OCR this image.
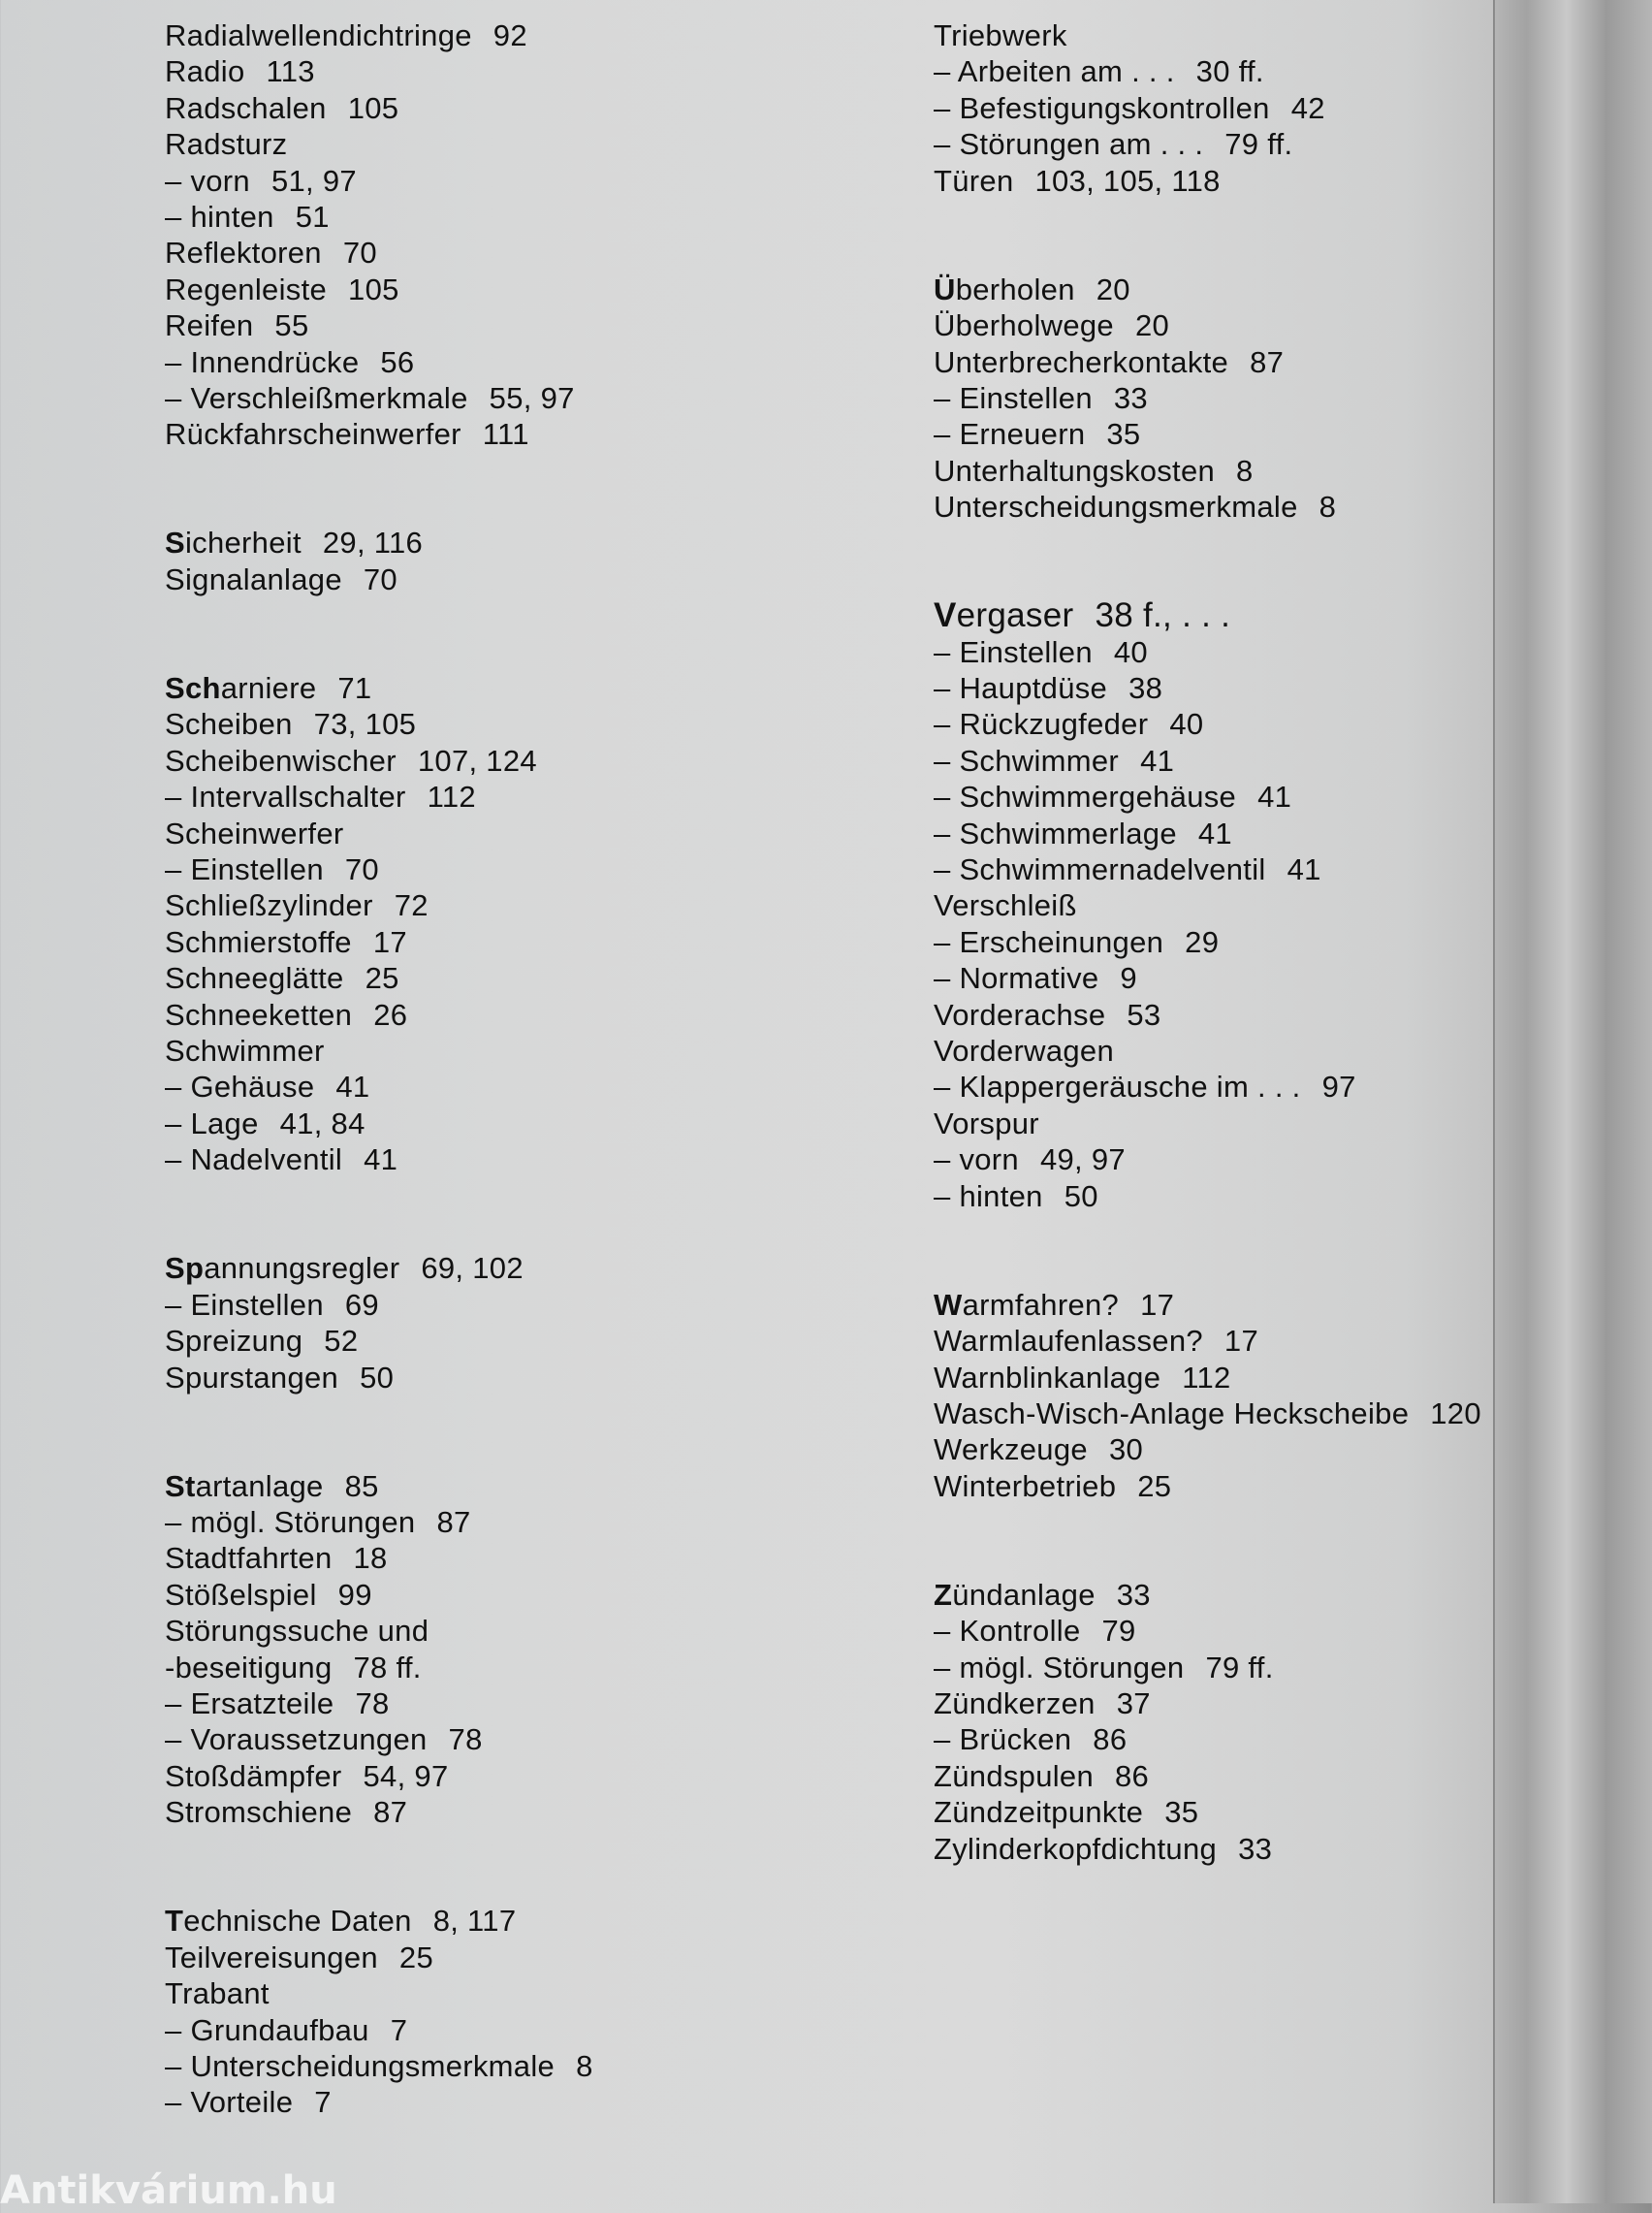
Radialwellendichtringe 92
Radio 113
Radschalen 105
Radsturz
– vorn 51, 97
– hinten 51
Reflektoren 70
Regenleiste 105
Reifen 55
– Innendrücke 56
– Verschleißmerkmale 55, 97
Rückfahrscheinwerfer 111
Sicherheit 29, 116
Signalanlage 70
Scharniere 71
Scheiben 73, 105
Scheibenwischer 107, 124
– Intervallschalter 112
Scheinwerfer
– Einstellen 70
Schließzylinder 72
Schmierstoffe 17
Schneeglätte 25
Schneeketten 26
Schwimmer
– Gehäuse 41
– Lage 41, 84
– Nadelventil 41
Spannungsregler 69, 102
– Einstellen 69
Spreizung 52
Spurstangen 50
Startanlage 85
– mögl. Störungen 87
Stadtfahrten 18
Stößelspiel 99
Störungssuche und
-beseitigung 78 ff.
– Ersatzteile 78
– Voraussetzungen 78
Stoßdämpfer 54, 97
Stromschiene 87
Technische Daten 8, 117
Teilvereisungen 25
Trabant
– Grundaufbau 7
– Unterscheidungsmerkmale 8
– Vorteile 7
Triebwerk
– Arbeiten am . . . 30 ff.
– Befestigungskontrollen 42
– Störungen am . . . 79 ff.
Türen 103, 105, 118
Überholen 20
Überholwege 20
Unterbrecherkontakte 87
– Einstellen 33
– Erneuern 35
Unterhaltungskosten 8
Unterscheidungsmerkmale 8
Vergaser 38 f., . . .
– Einstellen 40
– Hauptdüse 38
– Rückzugfeder 40
– Schwimmer 41
– Schwimmergehäuse 41
– Schwimmerlage 41
– Schwimmernadelventil 41
Verschleiß
– Erscheinungen 29
– Normative 9
Vorderachse 53
Vorderwagen
– Klappergeräusche im . . . 97
Vorspur
– vorn 49, 97
– hinten 50
Warmfahren? 17
Warmlaufenlassen? 17
Warnblinkanlage 112
Wasch-Wisch-Anlage Heckscheibe 120
Werkzeuge 30
Winterbetrieb 25
Zündanlage 33
– Kontrolle 79
– mögl. Störungen 79 ff.
Zündkerzen 37
– Brücken 86
Zündspulen 86
Zündzeitpunkte 35
Zylinderkopfdichtung 33
Antikvárium.hu
